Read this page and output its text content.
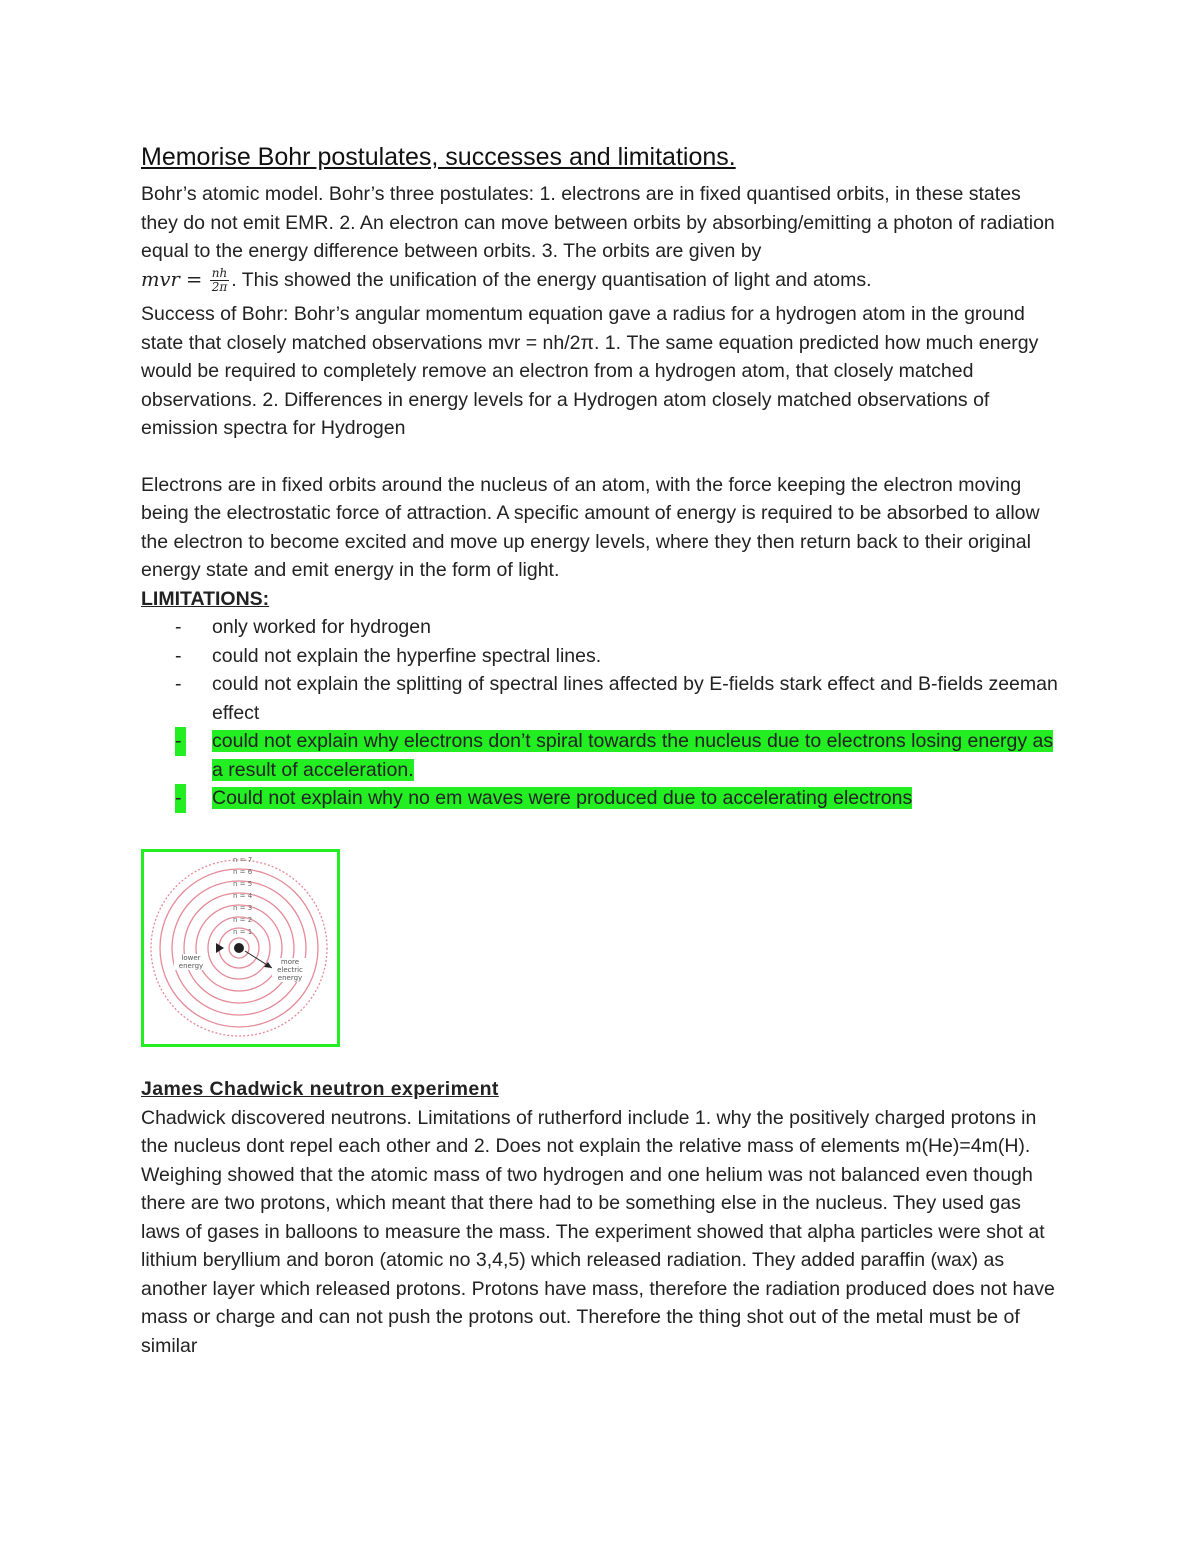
Memorise Bohr postulates, successes and limitations.

Bohr’s atomic model. Bohr’s three postulates: 1. electrons are in fixed quantised orbits, in these states they do not emit EMR. 2. An electron can move between orbits by absorbing/emitting a photon of radiation equal to the energy difference between orbits. 3. The orbits are given by
mvr = $\frac{nh}{2\pi}$ . This showed the unification of the energy quantisation of light and atoms.

Success of Bohr: Bohr’s angular momentum equation gave a radius for a hydrogen atom in the ground state that closely matched observations mvr = nh/2π. 1. The same equation predicted how much energy would be required to completely remove an electron from a hydrogen atom, that closely matched observations. 2. Differences in energy levels for a Hydrogen atom closely matched observations of emission spectra for Hydrogen

Electrons are in fixed orbits around the nucleus of an atom, with the force keeping the electron moving being the electrostatic force of attraction. A specific amount of energy is required to be absorbed to allow the electron to become excited and move up energy levels, where they then return back to their original energy state and emit energy in the form of light.

LIMITATIONS:
- only worked for hydrogen
- could not explain the hyperfine spectral lines.
- could not explain the splitting of spectral lines affected by E-fields stark effect and B-fields zeeman effect
- could not explain why electrons don’t spiral towards the nucleus due to electrons losing energy as a result of acceleration.
- Could not explain why no em waves were produced due to accelerating electrons
n = 7
n = 6
n = 5
n = 4
n = 3
n = 2
n = 1
lower energy	more electric energy
James Chadwick neutron experiment

Chadwick discovered neutrons. Limitations of rutherford include 1. why the positively charged protons in the nucleus dont repel each other and 2. Does not explain the relative mass of elements m(He)=4m(H). Weighing showed that the atomic mass of two hydrogen and one helium was not balanced even though there are two protons, which meant that there had to be something else in the nucleus. They used gas laws of gases in balloons to measure the mass. The experiment showed that alpha particles were shot at lithium beryllium and boron (atomic no 3,4,5) which released radiation. They added paraffin (wax) as another layer which released protons. Protons have mass, therefore the radiation produced does not have mass or charge and can not push the protons out. Therefore the thing shot out of the metal must be of similar
